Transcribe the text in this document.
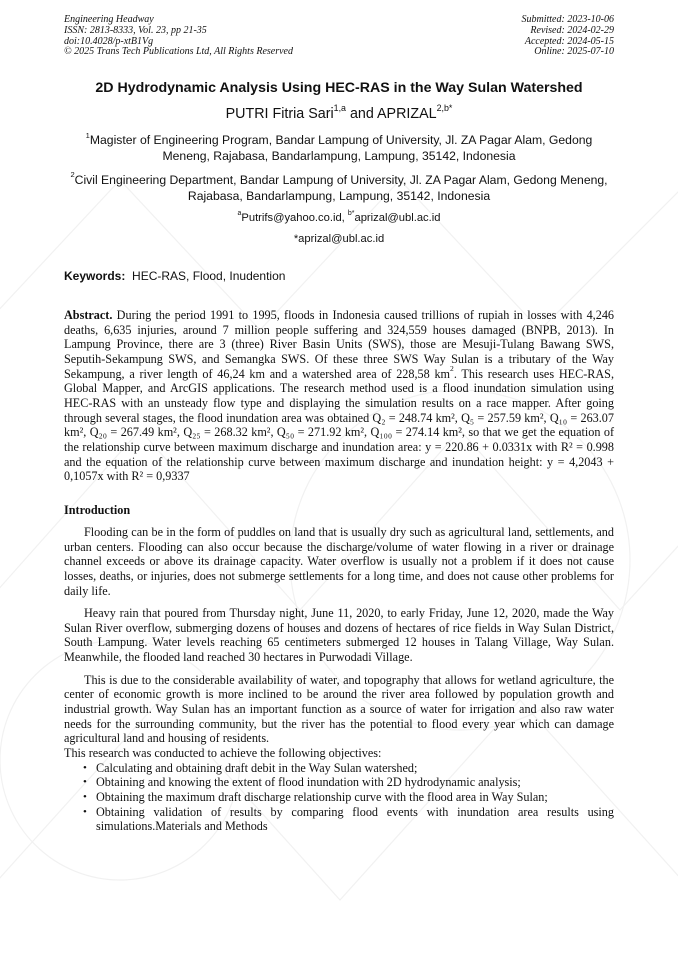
Engineering Headway
ISSN: 2813-8333, Vol. 23, pp 21-35
doi:10.4028/p-xtB1Vg
© 2025 Trans Tech Publications Ltd, All Rights Reserved
Submitted: 2023-10-06
Revised: 2024-02-29
Accepted: 2024-05-15
Online: 2025-07-10
2D Hydrodynamic Analysis Using HEC-RAS in the Way Sulan Watershed
PUTRI Fitria Sari$^{1,a}$ and $APRIZAL^{2,b*}$
$^1$Magister of Engineering Program, Bandar Lampung of University, Jl. ZA Pagar Alam, Gedong Meneng, Rajabasa, Bandarlampung, Lampung, 35142, Indonesia
$^2$Civil Engineering Department, Bandar Lampung of University, Jl. ZA Pagar Alam, Gedong Meneng, Rajabasa, Bandarlampung, Lampung, 35142, Indonesia
$^a$Putrifs@yahoo.co.id, $^{b*}$aprizal@ubl.ac.id
*aprizal@ubl.ac.id
Keywords: HEC-RAS, Flood, Inudention
Abstract. During the period 1991 to 1995, floods in Indonesia caused trillions of rupiah in losses with 4,246 deaths, 6,635 injuries, around 7 million people suffering and 324,559 houses damaged (BNPB, 2013). In Lampung Province, there are 3 (three) River Basin Units (SWS), those are Mesuji-Tulang Bawang SWS, Seputih-Sekampung SWS, and Semangka SWS. Of these three SWS Way Sulan is a tributary of the Way Sekampung, a river length of 46,24 km and a watershed area of 228,58 $km^2$. This research uses HEC-RAS, Global Mapper, and ArcGIS applications. The research method used is a flood inundation simulation using HEC-RAS with an unsteady flow type and displaying the simulation results on a race mapper. After going through several stages, the flood inundation area was obtained Q₂ = 248.74 km², Q₅ = 257.59 km², Q₁₀ = 263.07 km², Q₂₀ = 267.49 km², Q₂₅ = 268.32 km², Q₅₀ = 271.92 km², Q₁₀₀ = 274.14 km², so that we get the equation of the relationship curve between maximum discharge and inundation area: y = 220.86 + 0.0331x with R² = 0.998 and the equation of the relationship curve between maximum discharge and inundation height: y = 4,2043 + 0,1057x with R² = 0,9337
Introduction

Flooding can be in the form of puddles on land that is usually dry such as agricultural land, settlements, and urban centers. Flooding can also occur because the discharge/volume of water flowing in a river or drainage channel exceeds or above its drainage capacity. Water overflow is usually not a problem if it does not cause losses, deaths, or injuries, does not submerge settlements for a long time, and does not cause other problems for daily life.

Heavy rain that poured from Thursday night, June 11, 2020, to early Friday, June 12, 2020, made the Way Sulan River overflow, submerging dozens of houses and dozens of hectares of rice fields in Way Sulan District, South Lampung. Water levels reaching 65 centimeters submerged 12 houses in Talang Village, Way Sulan. Meanwhile, the flooded land reached 30 hectares in Purwodadi Village.

This is due to the considerable availability of water, and topography that allows for wetland agriculture, the center of economic growth is more inclined to be around the river area followed by population growth and industrial growth. Way Sulan has an important function as a source of water for irrigation and also raw water needs for the surrounding community, but the river has the potential to flood every year which can damage agricultural land and housing of residents.

This research was conducted to achieve the following objectives:

• Calculating and obtaining draft debit in the Way Sulan watershed;
• Obtaining and knowing the extent of flood inundation with 2D hydrodynamic analysis;
• Obtaining the maximum draft discharge relationship curve with the flood area in Way Sulan;
• Obtaining validation of results by comparing flood events with inundation area results using simulations.Materials and Methods
